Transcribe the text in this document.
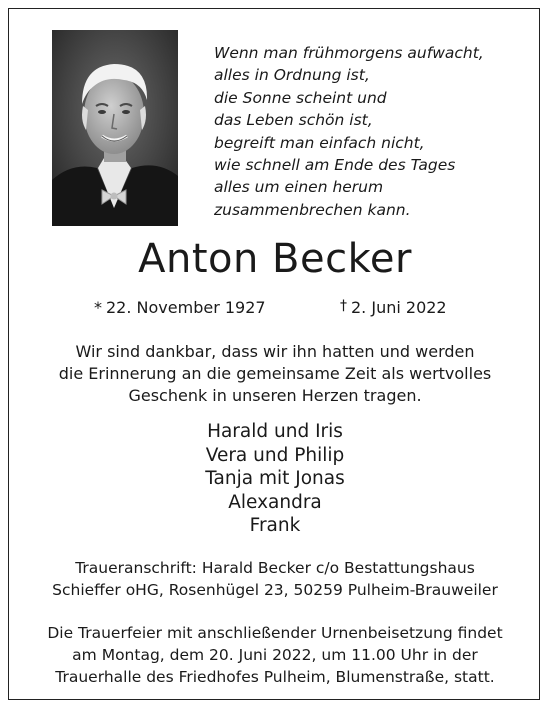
Wenn man frühmorgens aufwacht,
alles in Ordnung ist,
die Sonne scheint und
das Leben schön ist,
begreift man einfach nicht,
wie schnell am Ende des Tages
alles um einen herum
zusammenbrechen kann.
Anton Becker
* 22. November 1927	† 2. Juni 2022
Wir sind dankbar, dass wir ihn hatten und werden
die Erinnerung an die gemeinsame Zeit als wertvolles
Geschenk in unseren Herzen tragen.
Harald und Iris
Vera und Philip
Tanja mit Jonas
Alexandra
Frank
Traueranschrift: Harald Becker c/o Bestattungshaus
Schieffer oHG, Rosenhügel 23, 50259 Pulheim-Brauweiler
Die Trauerfeier mit anschließender Urnenbeisetzung findet
am Montag, dem 20. Juni 2022, um 11.00 Uhr in der
Trauerhalle des Friedhofes Pulheim, Blumenstraße, statt.
